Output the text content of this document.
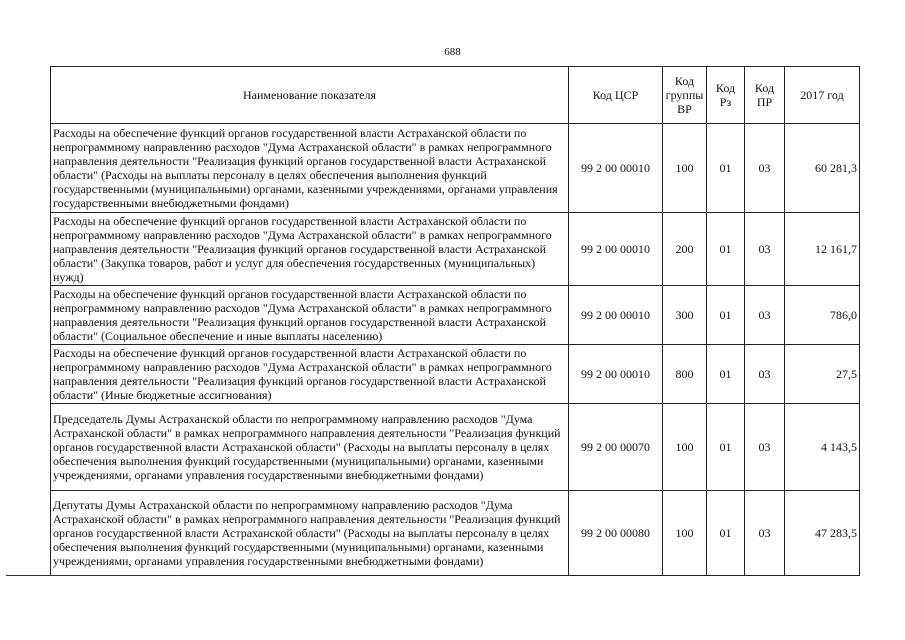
688
Наименование показателя	Код ЦСР	Код группы ВР	Код Рз	Код ПР	2017 год
Расходы на обеспечение функций органов государственной власти Астраханской области по непрограммному направлению расходов "Дума Астраханской области" в рамках непрограммного направления деятельности "Реализация функций органов государственной власти Астраханской области" (Расходы на выплаты персоналу в целях обеспечения выполнения функций государственными (муниципальными) органами, казенными учреждениями, органами управления государственными внебюджетными фондами)	99 2 00 00010	100	01	03	60 281,3
Расходы на обеспечение функций органов государственной власти Астраханской области по непрограммному направлению расходов "Дума Астраханской области" в рамках непрограммного направления деятельности "Реализация функций органов государственной власти Астраханской области" (Закупка товаров, работ и услуг для обеспечения государственных (муниципальных) нужд)	99 2 00 00010	200	01	03	12 161,7
Расходы на обеспечение функций органов государственной власти Астраханской области по непрограммному направлению расходов "Дума Астраханской области" в рамках непрограммного направления деятельности "Реализация функций органов государственной власти Астраханской области" (Социальное обеспечение и иные выплаты населению)	99 2 00 00010	300	01	03	786,0
Расходы на обеспечение функций органов государственной власти Астраханской области по непрограммному направлению расходов "Дума Астраханской области" в рамках непрограммного направления деятельности "Реализация функций органов государственной власти Астраханской области" (Иные бюджетные ассигнования)	99 2 00 00010	800	01	03	27,5
Председатель Думы Астраханской области по непрограммному направлению расходов "Дума Астраханской области" в рамках непрограммного направления деятельности "Реализация функций органов государственной власти Астраханской области" (Расходы на выплаты персоналу в целях обеспечения выполнения функций государственными (муниципальными) органами, казенными учреждениями, органами управления государственными внебюджетными фондами)	99 2 00 00070	100	01	03	4 143,5
Депутаты Думы Астраханской области по непрограммному направлению расходов "Дума Астраханской области" в рамках непрограммного направления деятельности "Реализация функций органов государственной власти Астраханской области" (Расходы на выплаты персоналу в целях обеспечения выполнения функций государственными (муниципальными) органами, казенными учреждениями, органами управления государственными внебюджетными фондами)	99 2 00 00080	100	01	03	47 283,5
